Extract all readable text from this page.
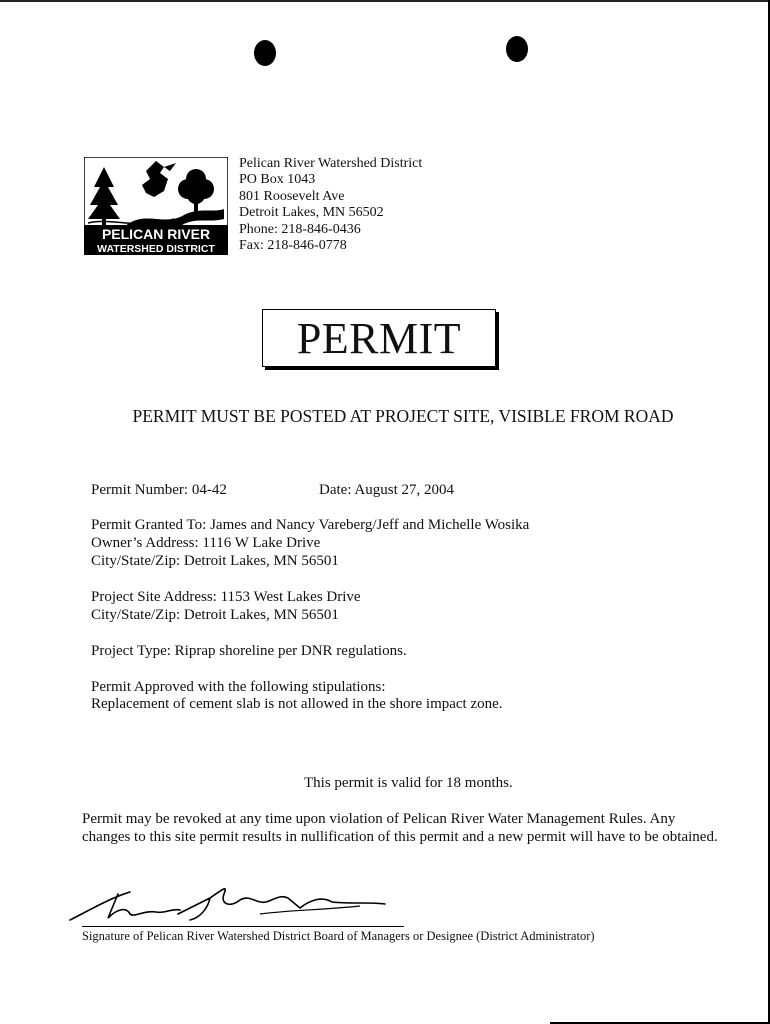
PELICAN RIVER
WATERSHED DISTRICT
Pelican River Watershed District
PO Box 1043
801 Roosevelt Ave
Detroit Lakes, MN 56502
Phone: 218-846-0436
Fax: 218-846-0778
PERMIT
PERMIT MUST BE POSTED AT PROJECT SITE, VISIBLE FROM ROAD
Permit Number: 04-42	Date: August 27, 2004
Permit Granted To: James and Nancy Vareberg/Jeff and Michelle Wosika
Owner’s Address: 1116 W Lake Drive
City/State/Zip: Detroit Lakes, MN 56501
Project Site Address: 1153 West Lakes Drive
City/State/Zip: Detroit Lakes, MN 56501
Project Type: Riprap shoreline per DNR regulations.
Permit Approved with the following stipulations:
Replacement of cement slab is not allowed in the shore impact zone.
This permit is valid for 18 months.
Permit may be revoked at any time upon violation of Pelican River Water Management Rules. Any
changes to this site permit results in nullification of this permit and a new permit will have to be obtained.
Signature of Pelican River Watershed District Board of Managers or Designee (District Administrator)
